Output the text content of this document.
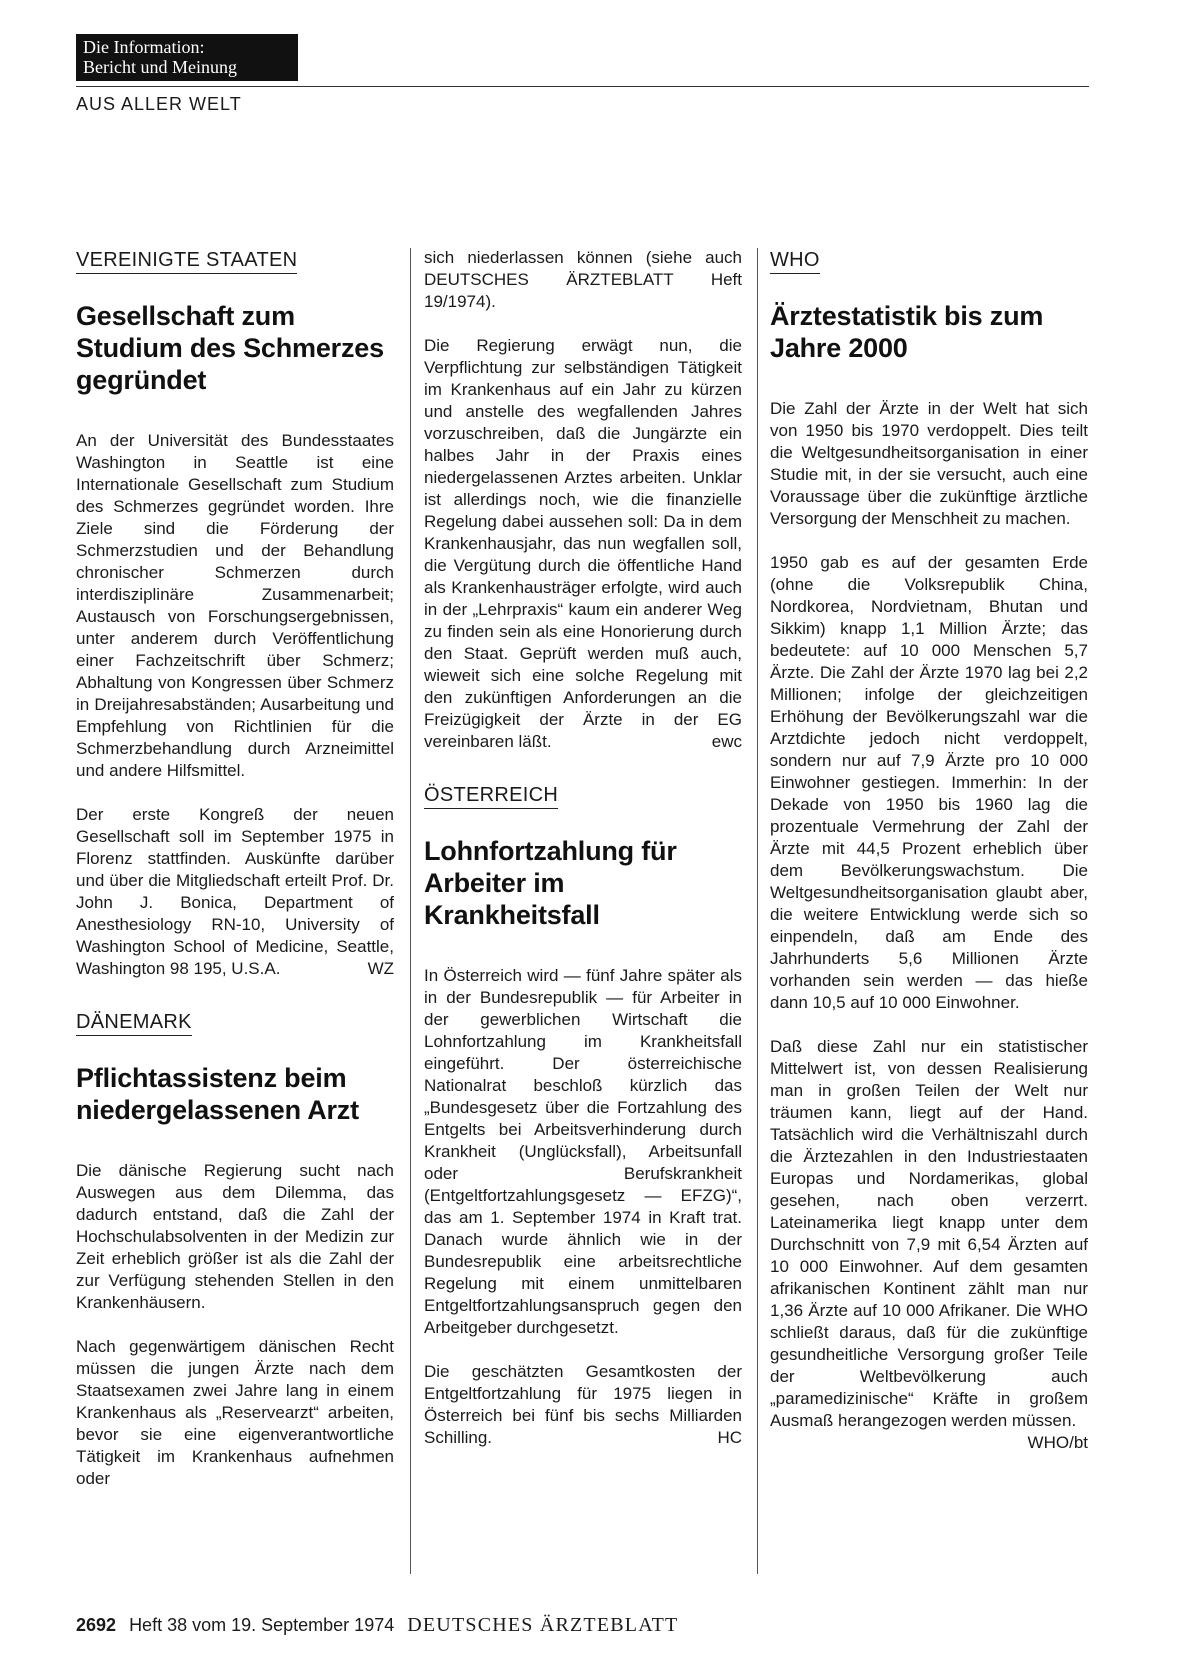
Die Information:
Bericht und Meinung
AUS ALLER WELT
VEREINIGTE STAATEN
Gesellschaft zum Studium des Schmerzes gegründet

An der Universität des Bundesstaates Washington in Seattle ist eine Internationale Gesellschaft zum Studium des Schmerzes gegründet worden. Ihre Ziele sind die Förderung der Schmerzstudien und der Behandlung chronischer Schmerzen durch interdisziplinäre Zusammenarbeit; Austausch von Forschungsergebnissen, unter anderem durch Veröffentlichung einer Fachzeitschrift über Schmerz; Abhaltung von Kongressen über Schmerz in Dreijahresabständen; Ausarbeitung und Empfehlung von Richtlinien für die Schmerzbehandlung durch Arzneimittel und andere Hilfsmittel.

Der erste Kongreß der neuen Gesellschaft soll im September 1975 in Florenz stattfinden. Auskünfte darüber und über die Mitgliedschaft erteilt Prof. Dr. John J. Bonica, Department of Anesthesiology RN-10, University of Washington School of Medicine, Seattle, Washington 98 195, U.S.A.	WZ

DÄNEMARK
Pflichtassistenz beim niedergelassenen Arzt

Die dänische Regierung sucht nach Auswegen aus dem Dilemma, das dadurch entstand, daß die Zahl der Hochschulabsolventen in der Medizin zur Zeit erheblich größer ist als die Zahl der zur Verfügung stehenden Stellen in den Krankenhäusern.

Nach gegenwärtigem dänischen Recht müssen die jungen Ärzte nach dem Staatsexamen zwei Jahre lang in einem Krankenhaus als „Reservearzt“ arbeiten, bevor sie eine eigenverantwortliche Tätigkeit im Krankenhaus aufnehmen oder

sich niederlassen können (siehe auch DEUTSCHES ÄRZTEBLATT Heft 19/1974).

Die Regierung erwägt nun, die Verpflichtung zur selbständigen Tätigkeit im Krankenhaus auf ein Jahr zu kürzen und anstelle des wegfallenden Jahres vorzuschreiben, daß die Jungärzte ein halbes Jahr in der Praxis eines niedergelassenen Arztes arbeiten. Unklar ist allerdings noch, wie die finanzielle Regelung dabei aussehen soll: Da in dem Krankenhausjahr, das nun wegfallen soll, die Vergütung durch die öffentliche Hand als Krankenhausträger erfolgte, wird auch in der „Lehrpraxis“ kaum ein anderer Weg zu finden sein als eine Honorierung durch den Staat. Geprüft werden muß auch, wieweit sich eine solche Regelung mit den zukünftigen Anforderungen an die Freizügigkeit der Ärzte in der EG vereinbaren läßt.	ewc

ÖSTERREICH
Lohnfortzahlung für Arbeiter im Krankheitsfall

In Österreich wird — fünf Jahre später als in der Bundesrepublik — für Arbeiter in der gewerblichen Wirtschaft die Lohnfortzahlung im Krankheitsfall eingeführt. Der österreichische Nationalrat beschloß kürzlich das „Bundesgesetz über die Fortzahlung des Entgelts bei Arbeitsverhinderung durch Krankheit (Unglücksfall), Arbeitsunfall oder Berufskrankheit (Entgeltfortzahlungsgesetz — EFZG)“, das am 1. September 1974 in Kraft trat. Danach wurde ähnlich wie in der Bundesrepublik eine arbeitsrechtliche Regelung mit einem unmittelbaren Entgeltfortzahlungsanspruch gegen den Arbeitgeber durchgesetzt.

Die geschätzten Gesamtkosten der Entgeltfortzahlung für 1975 liegen in Österreich bei fünf bis sechs Milliarden Schilling.	HC

WHO
Ärztestatistik bis zum Jahre 2000

Die Zahl der Ärzte in der Welt hat sich von 1950 bis 1970 verdoppelt. Dies teilt die Weltgesundheitsorganisation in einer Studie mit, in der sie versucht, auch eine Voraussage über die zukünftige ärztliche Versorgung der Menschheit zu machen.

1950 gab es auf der gesamten Erde (ohne die Volksrepublik China, Nordkorea, Nordvietnam, Bhutan und Sikkim) knapp 1,1 Million Ärzte; das bedeutete: auf 10 000 Menschen 5,7 Ärzte. Die Zahl der Ärzte 1970 lag bei 2,2 Millionen; infolge der gleichzeitigen Erhöhung der Bevölkerungszahl war die Arztdichte jedoch nicht verdoppelt, sondern nur auf 7,9 Ärzte pro 10 000 Einwohner gestiegen. Immerhin: In der Dekade von 1950 bis 1960 lag die prozentuale Vermehrung der Zahl der Ärzte mit 44,5 Prozent erheblich über dem Bevölkerungswachstum. Die Weltgesundheitsorganisation glaubt aber, die weitere Entwicklung werde sich so einpendeln, daß am Ende des Jahrhunderts 5,6 Millionen Ärzte vorhanden sein werden — das hieße dann 10,5 auf 10 000 Einwohner.

Daß diese Zahl nur ein statistischer Mittelwert ist, von dessen Realisierung man in großen Teilen der Welt nur träumen kann, liegt auf der Hand. Tatsächlich wird die Verhältniszahl durch die Ärztezahlen in den Industriestaaten Europas und Nordamerikas, global gesehen, nach oben verzerrt. Lateinamerika liegt knapp unter dem Durchschnitt von 7,9 mit 6,54 Ärzten auf 10 000 Einwohner. Auf dem gesamten afrikanischen Kontinent zählt man nur 1,36 Ärzte auf 10 000 Afrikaner. Die WHO schließt daraus, daß für die zukünftige gesundheitliche Versorgung großer Teile der Weltbevölkerung auch „paramedizinische“ Kräfte in großem Ausmaß herangezogen werden müssen.
WHO/bt

2692 Heft 38 vom 19. September 1974 DEUTSCHES ÄRZTEBLATT
